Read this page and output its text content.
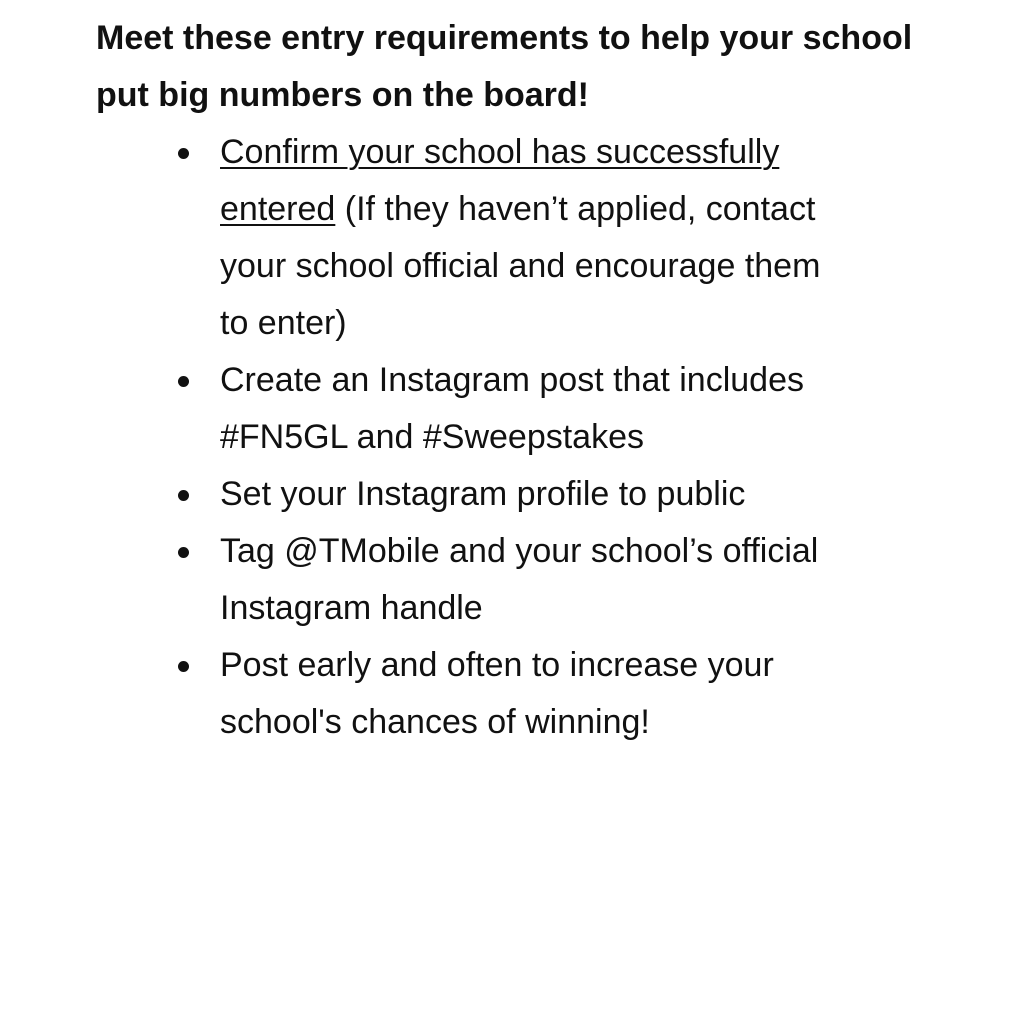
Meet these entry requirements to help your school put big numbers on the board!

Confirm your school has successfully entered (If they haven’t applied, contact your school official and encourage them to enter)
Create an Instagram post that includes #FN5GL and #Sweepstakes
Set your Instagram profile to public
Tag @TMobile and your school’s official Instagram handle
Post early and often to increase your school's chances of winning!
